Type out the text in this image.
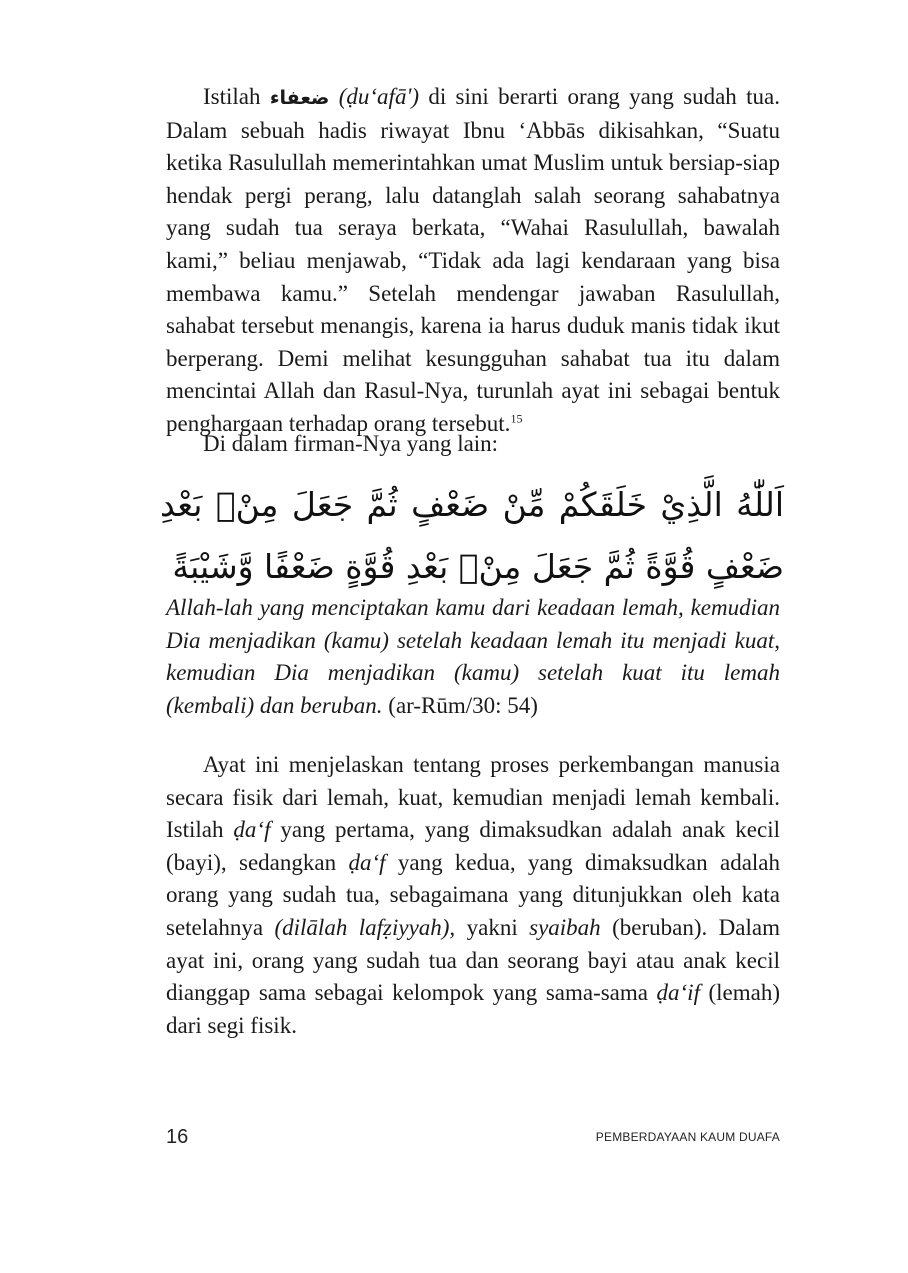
Istilah ﺿﻌﻔﺎﺀ (ḍu‘afā') di sini berarti orang yang sudah tua. Dalam sebuah hadis riwayat Ibnu ‘Abbās dikisahkan, “Suatu ketika Rasulullah memerintahkan umat Muslim untuk bersiap-siap hendak pergi perang, lalu datanglah salah seorang sahabatnya yang sudah tua seraya berkata, “Wahai Rasulullah, bawalah kami,” beliau menjawab, “Tidak ada lagi kendaraan yang bisa membawa kamu.” Setelah mendengar jawaban Rasulullah, sahabat tersebut menangis, karena ia harus duduk manis tidak ikut berperang. Demi melihat kesungguhan sahabat tua itu dalam mencintai Allah dan Rasul-Nya, turunlah ayat ini sebagai bentuk penghargaan terhadap orang tersebut.$^{15}$

Di dalam firman-Nya yang lain:

اَللّٰهُ الَّذِيْ خَلَقَكُمْ مِّنْ ضَعْفٍ ثُمَّ جَعَلَ مِنْۢ بَعْدِ ضَعْفٍ قُوَّةً ثُمَّ جَعَلَ مِنْۢ بَعْدِ قُوَّةٍ ضَعْفًا وَّشَيْبَةً

Allah-lah yang menciptakan kamu dari keadaan lemah, kemudian Dia menjadikan (kamu) setelah keadaan lemah itu menjadi kuat, kemudian Dia menjadikan (kamu) setelah kuat itu lemah (kembali) dan beruban. (ar-Rūm/30: 54)

Ayat ini menjelaskan tentang proses perkembangan manusia secara fisik dari lemah, kuat, kemudian menjadi lemah kembali. Istilah ḍa‘f yang pertama, yang dimaksudkan adalah anak kecil (bayi), sedangkan ḍa‘f yang kedua, yang dimaksudkan adalah orang yang sudah tua, sebagaimana yang ditunjukkan oleh kata setelahnya (dilālah lafẓiyyah), yakni syaibah (beruban). Dalam ayat ini, orang yang sudah tua dan seorang bayi atau anak kecil dianggap sama sebagai kelompok yang sama-sama ḍa‘if (lemah) dari segi fisik.

16	PEMBERDAYAAN KAUM DUAFA
